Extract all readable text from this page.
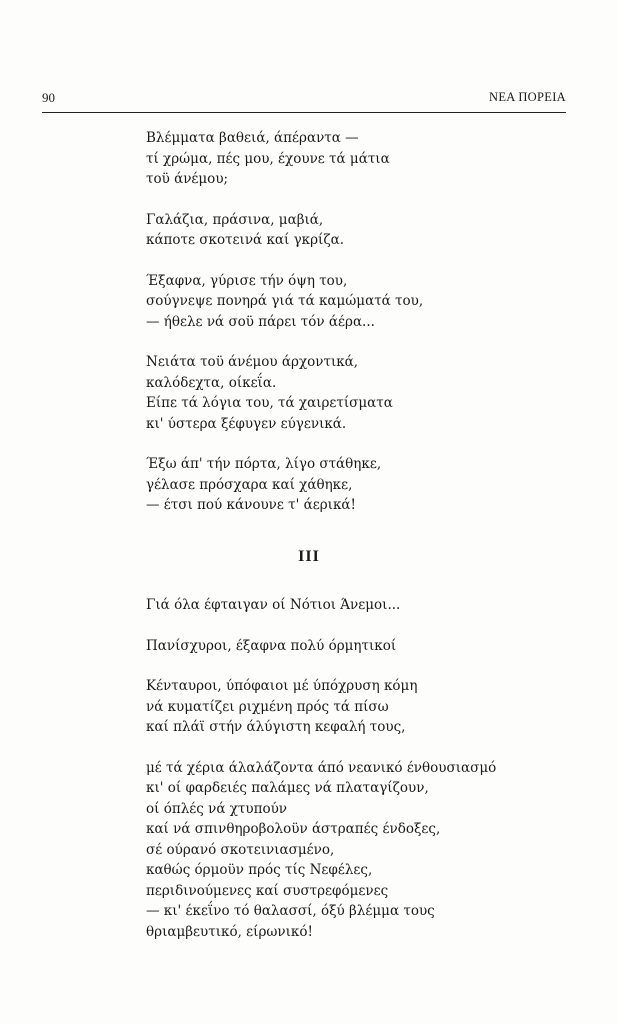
90	ΝΕΑ ΠΟΡΕΙΑ
Βλέμματα βαθειά, άπέραντα —
τί χρώμα, πές μου, έχουνε τά μάτια
τοϋ άνέμου;
Γαλάζια, πράσινα, μαβιά,
κάποτε σκοτεινά καί γκρίζα.
Έξαφνα, γύρισε τήν όψη του,
σούγνεψε πονηρά γιά τά καμώματά του,
— ήθελε νά σοϋ πάρει τόν άέρα...
Νειάτα τοϋ άνέμου άρχοντικά,
καλόδεχτα, οίκεΐα.
Είπε τά λόγια του, τά χαιρετίσματα
κι' ύστερα ξέφυγεν εύγενικά.
Έξω άπ' τήν πόρτα, λίγο στάθηκε,
γέλασε πρόσχαρα καί χάθηκε,
— έτσι πού κάνουνε τ' άερικά!
III
Γιά όλα έφταιγαν οί Νότιοι Άνεμοι...
Πανίσχυροι, έξαφνα πολύ όρμητικοί
Κένταυροι, ύπόφαιοι μέ ύπόχρυση κόμη
νά κυματίζει ριχμένη πρός τά πίσω
καί πλάϊ στήν άλύγιστη κεφαλή τους,
μέ τά χέρια άλαλάζοντα άπό νεανικό ένθουσιασμό
κι' οί φαρδειές παλάμες νά πλαταγίζουν,
οί όπλές νά χτυπούν
καί νά σπινθηροβολοϋν άστραπές ένδοξες,
σέ ούρανό σκοτεινιασμένο,
καθώς όρμοϋν πρός τίς Νεφέλες,
περιδινούμενες καί συστρεφόμενες
— κι' έκεΐνο τό θαλασσί, όξύ βλέμμα τους
θριαμβευτικό, είρωνικό!
